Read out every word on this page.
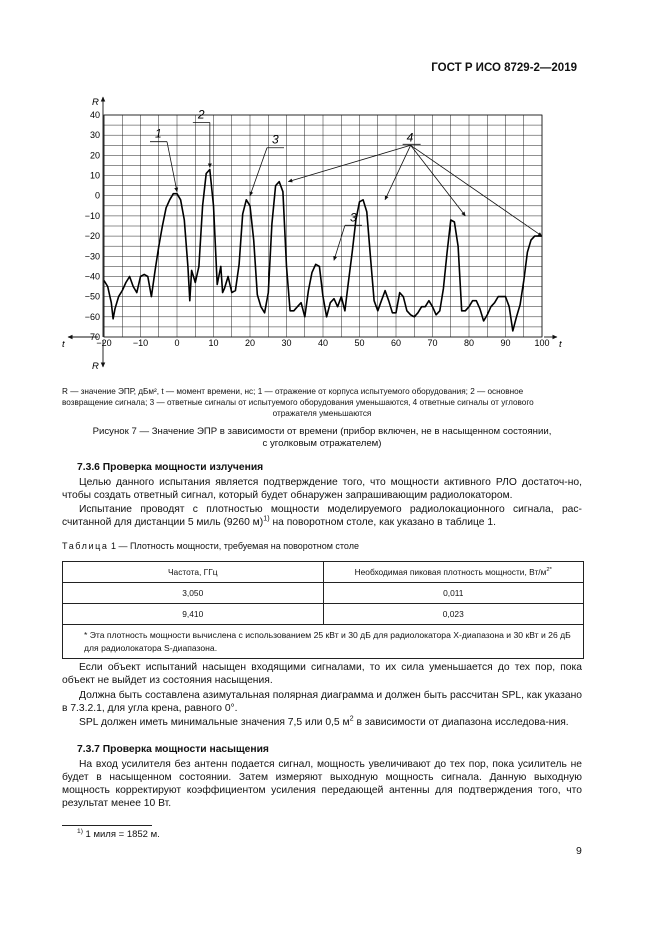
ГОСТ Р ИСО 8729-2—2019
40
30
20
10
0
−10
−20
−30
−40
−50
−60
−70
−20 −10	0	10	20	30	40	50	60	70	80	90	100
R
R
t
t
1
2
3
3
4
R — значение ЭПР, дБм², t — момент времени, нс; 1 — отражение от корпуса испытуемого оборудования; 2 — основное
возвращение сигнала; 3 — ответные сигналы от испытуемого оборудования уменьшаются, 4 ответные сигналы от углового
отражателя уменьшаются
Рисунок 7 — Значение ЭПР в зависимости от времени (прибор включен, не в насыщенном состоянии,
с уголковым отражателем)
7.3.6 Проверка мощности излучения
Целью данного испытания является подтверждение того, что мощности активного РЛО достаточ-но, чтобы создать ответный сигнал, который будет обнаружен запрашивающим радиолокатором.
Испытание проводят с плотностью мощности моделируемого радиолокационного сигнала, рас-считанной для дистанции 5 миль (9260 м)$^{1)}$ на поворотном столе, как указано в таблице 1.
Таблица 1 — Плотность мощности, требуемая на поворотном столе
Частота, ГГц	Необходимая пиковая плотность мощности, $Вт/м^{2*}$
3,050	0,011
9,410	0,023
* Эта плотность мощности вычислена с использованием 25 кВт и 30 дБ для радиолокатора X-диапазона и 30 кВт и 26 дБ для радиолокатора S-диапазона.	
Если объект испытаний насыщен входящими сигналами, то их сила уменьшается до тех пор, пока объект не выйдет из состояния насыщения.
Должна быть составлена азимутальная полярная диаграмма и должен быть рассчитан SPL, как указано в 7.3.2.1, для угла крена, равного 0°.
SPL должен иметь минимальные значения 7,5 или 0,5 $м^2$ в зависимости от диапазона исследова-ния.
7.3.7 Проверка мощности насыщения
На вход усилителя без антенн подается сигнал, мощность увеличивают до тех пор, пока усилитель не будет в насыщенном состоянии. Затем измеряют выходную мощность сигнала. Данную выходную мощность корректируют коэффициентом усиления передающей антенны для подтверждения того, что результат менее 10 Вт.
$^{1)}$ 1 миля = 1852 м.
9
